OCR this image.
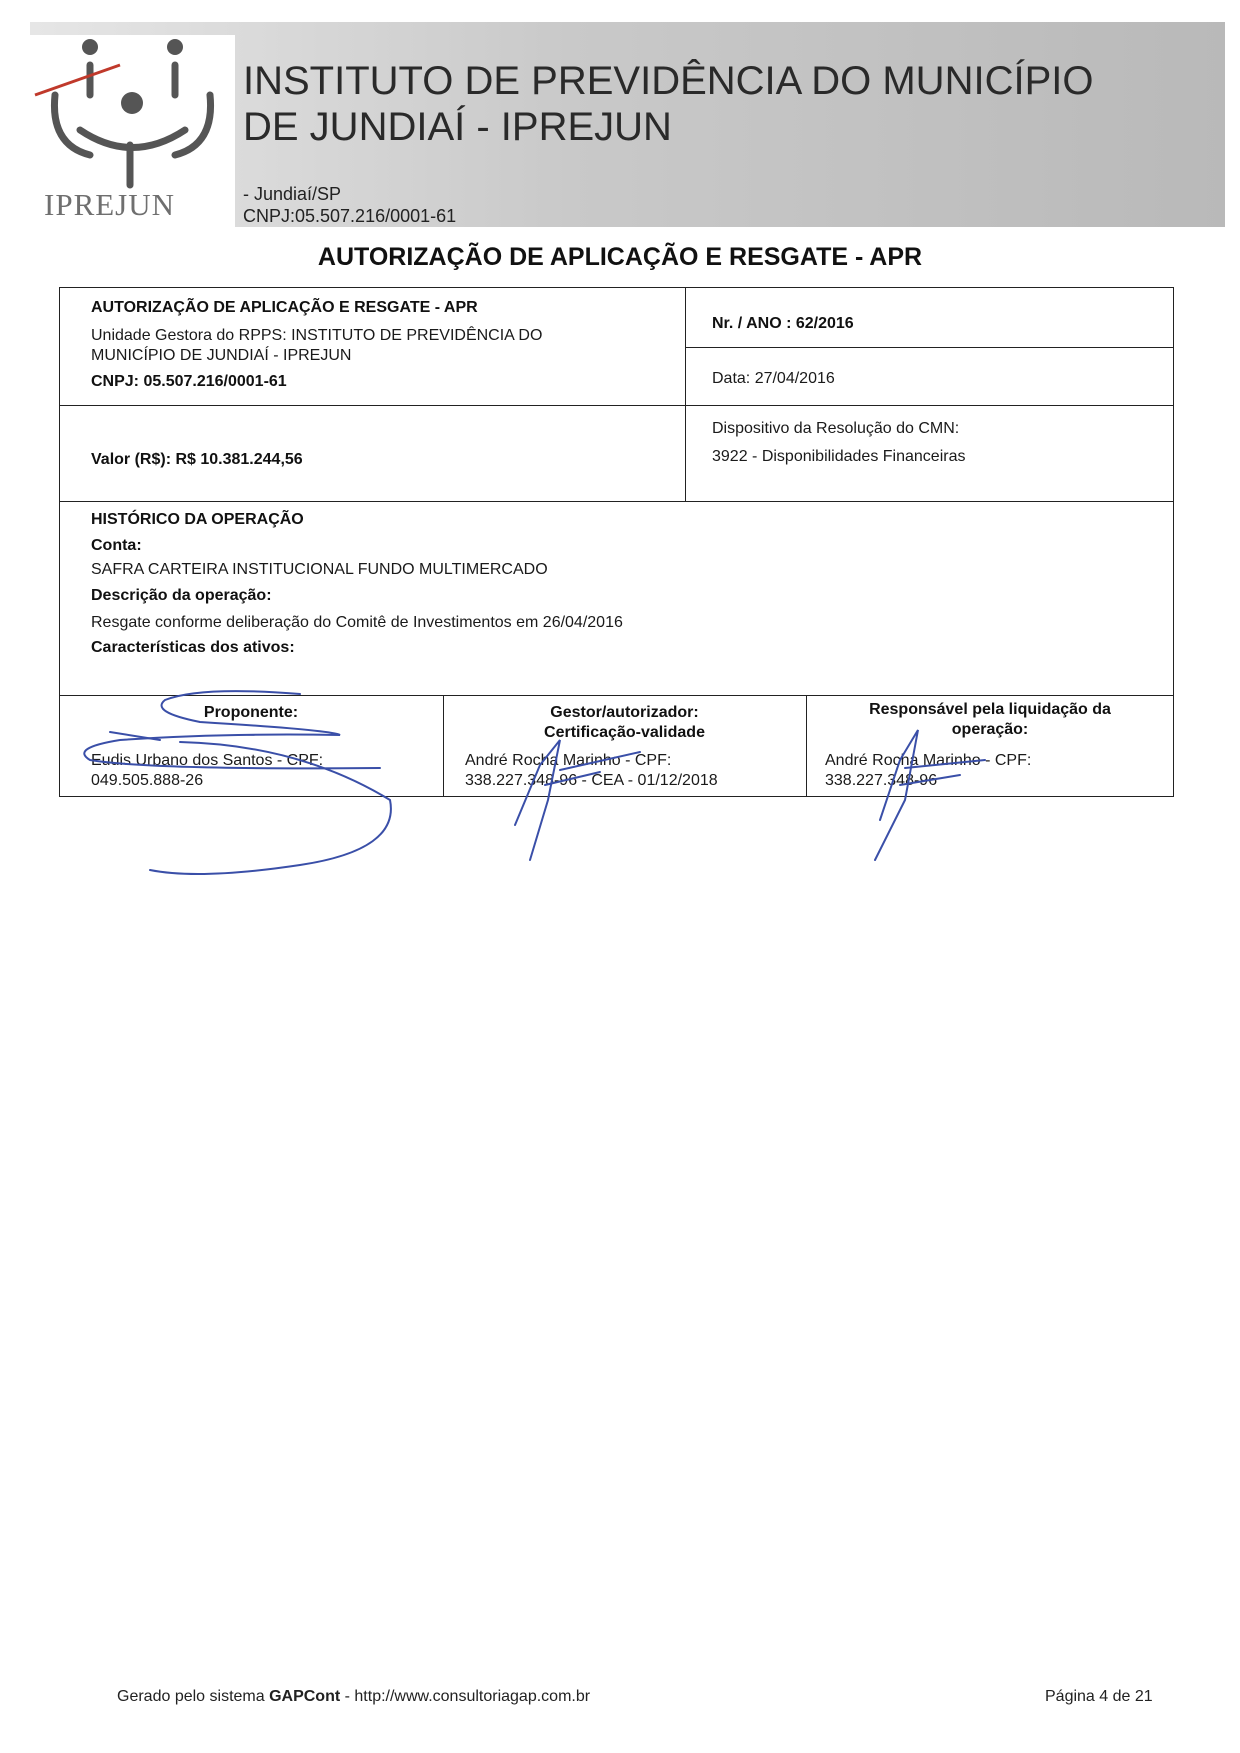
IPREJUN
INSTITUTO DE PREVIDÊNCIA DO MUNICÍPIO
DE JUNDIAÍ - IPREJUN
- Jundiaí/SP
CNPJ:05.507.216/0001-61
AUTORIZAÇÃO DE APLICAÇÃO E RESGATE - APR
AUTORIZAÇÃO DE APLICAÇÃO E RESGATE - APR
Unidade Gestora do RPPS: INSTITUTO DE PREVIDÊNCIA DO
MUNICÍPIO DE JUNDIAÍ - IPREJUN
CNPJ: 05.507.216/0001-61
Nr. / ANO : 62/2016
Data: 27/04/2016
Valor (R$): R$ 10.381.244,56
Dispositivo da Resolução do CMN:
3922 - Disponibilidades Financeiras
HISTÓRICO DA OPERAÇÃO
Conta:
SAFRA CARTEIRA INSTITUCIONAL FUNDO MULTIMERCADO
Descrição da operação:
Resgate conforme deliberação do Comitê de Investimentos em 26/04/2016
Características dos ativos:
Proponente:
Eudis Urbano dos Santos - CPF:
049.505.888-26
Gestor/autorizador:
Certificação-validade
André Rocha Marinho - CPF:
338.227.348-96 - CEA - 01/12/2018
Responsável pela liquidação da
operação:
André Rocha Marinho - CPF:
338.227.348-96
Gerado pelo sistema GAPCont - http://www.consultoriagap.com.br	Página 4 de 21
